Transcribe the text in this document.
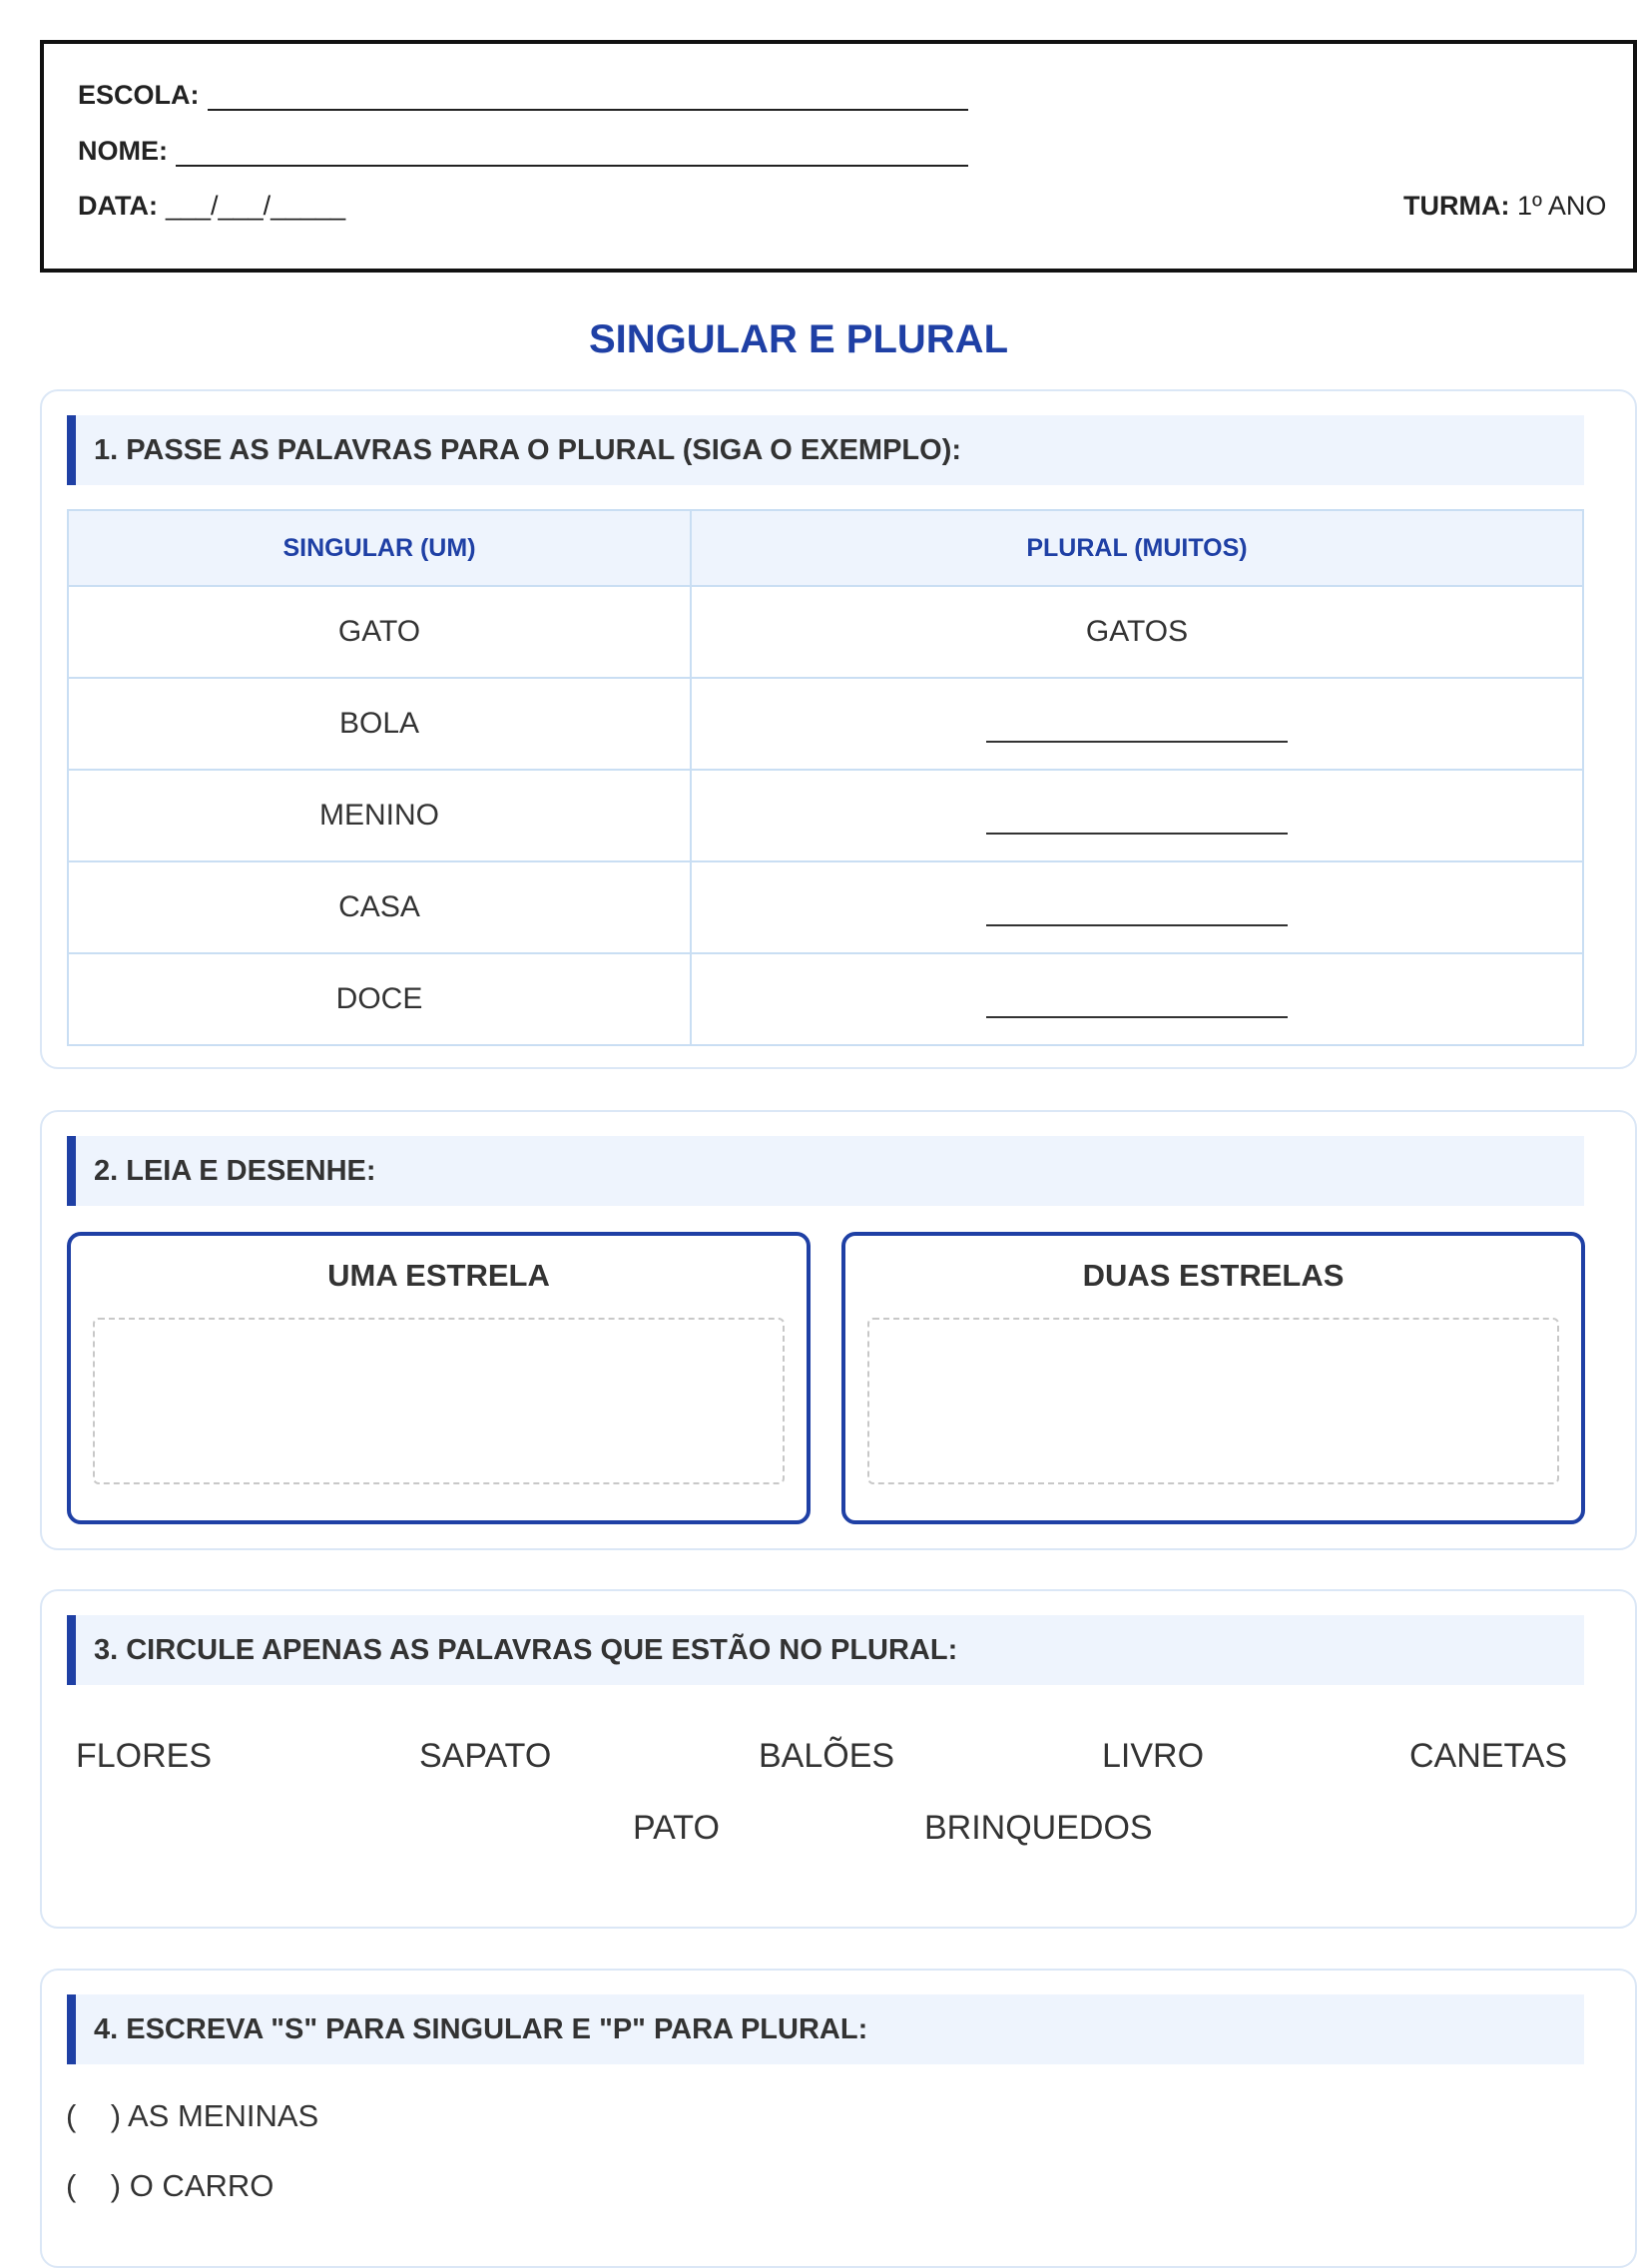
ESCOLA:
NOME:
DATA: ___/___/_____	TURMA: 1º ANO
SINGULAR E PLURAL
1. PASSE AS PALAVRAS PARA O PLURAL (SIGA O EXEMPLO):
SINGULAR (UM)	PLURAL (MUITOS)
GATO	GATOS
BOLA	
MENINO	
CASA	
DOCE	
2. LEIA E DESENHE:
UMA ESTRELA	DUAS ESTRELAS
3. CIRCULE APENAS AS PALAVRAS QUE ESTÃO NO PLURAL:
FLORES	SAPATO	BALÕES	LIVRO	CANETAS
PATO	BRINQUEDOS
4. ESCREVA "S" PARA SINGULAR E "P" PARA PLURAL:
(    ) AS MENINAS
(    ) O CARRO
